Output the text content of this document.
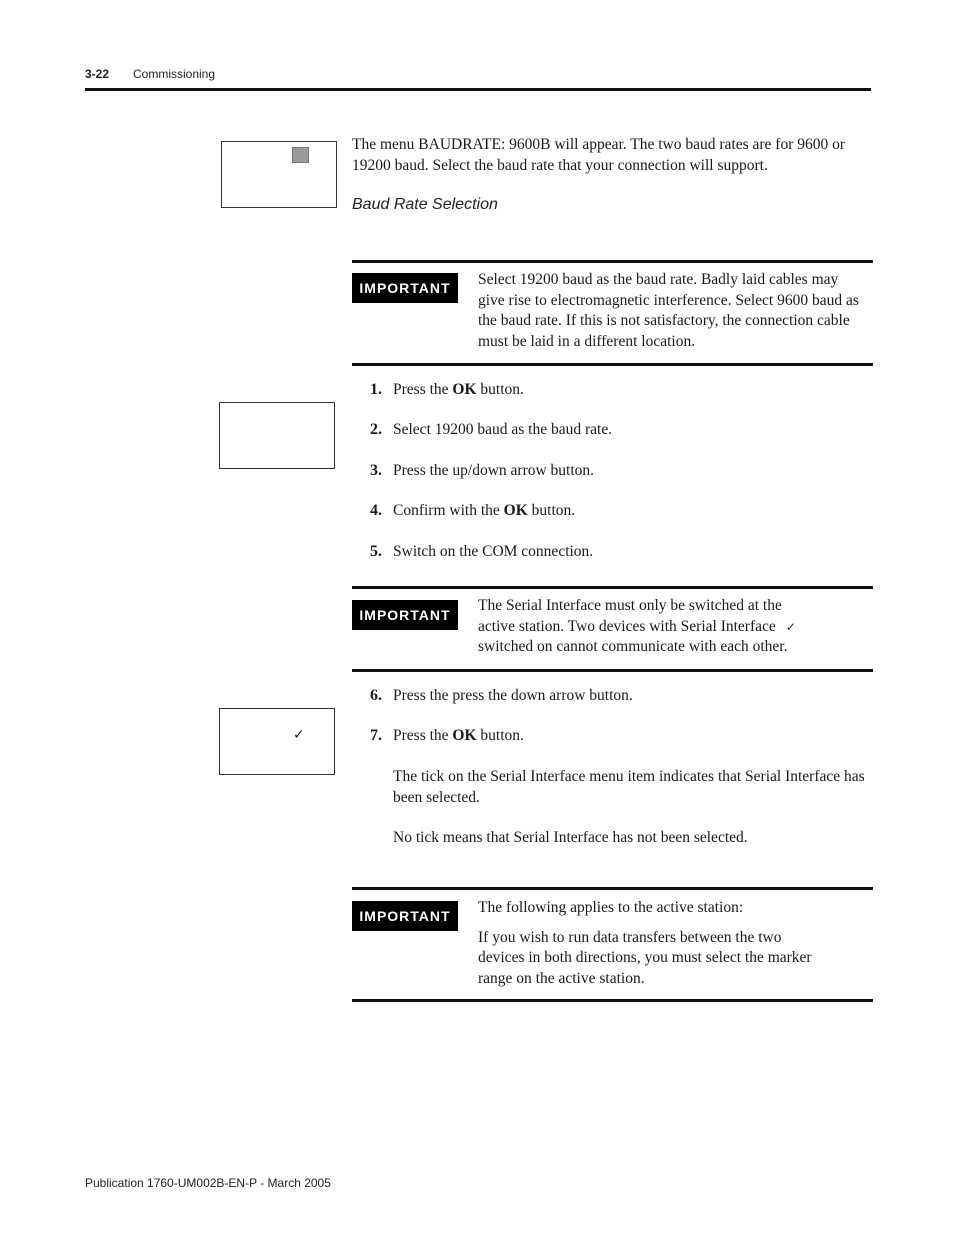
3-22 Commissioning
The menu BAUDRATE: 9600B will appear. The two baud rates are for 9600 or 19200 baud. Select the baud rate that your connection will support.
Baud Rate Selection
IMPORTANT	Select 19200 baud as the baud rate. Badly laid cables may give rise to electromagnetic interference. Select 9600 baud as the baud rate. If this is not satisfactory, the connection cable must be laid in a different location.

1. Press the OK button.
2. Select 19200 baud as the baud rate.
3. Press the up/down arrow button.
4. Confirm with the OK button.
5. Switch on the COM connection.
IMPORTANT
The Serial Interface must only be switched at the
active station. Two devices with Serial Interface ✓
switched on cannot communicate with each other.
✓
6. Press the press the down arrow button.
7. Press the OK button.
The tick on the Serial Interface menu item indicates that Serial Interface has been selected.
No tick means that Serial Interface has not been selected.
IMPORTANT	The following applies to the active station:

If you wish to run data transfers between the two devices in both directions, you must select the marker range on the active station.

Publication 1760-UM002B-EN-P - March 2005
